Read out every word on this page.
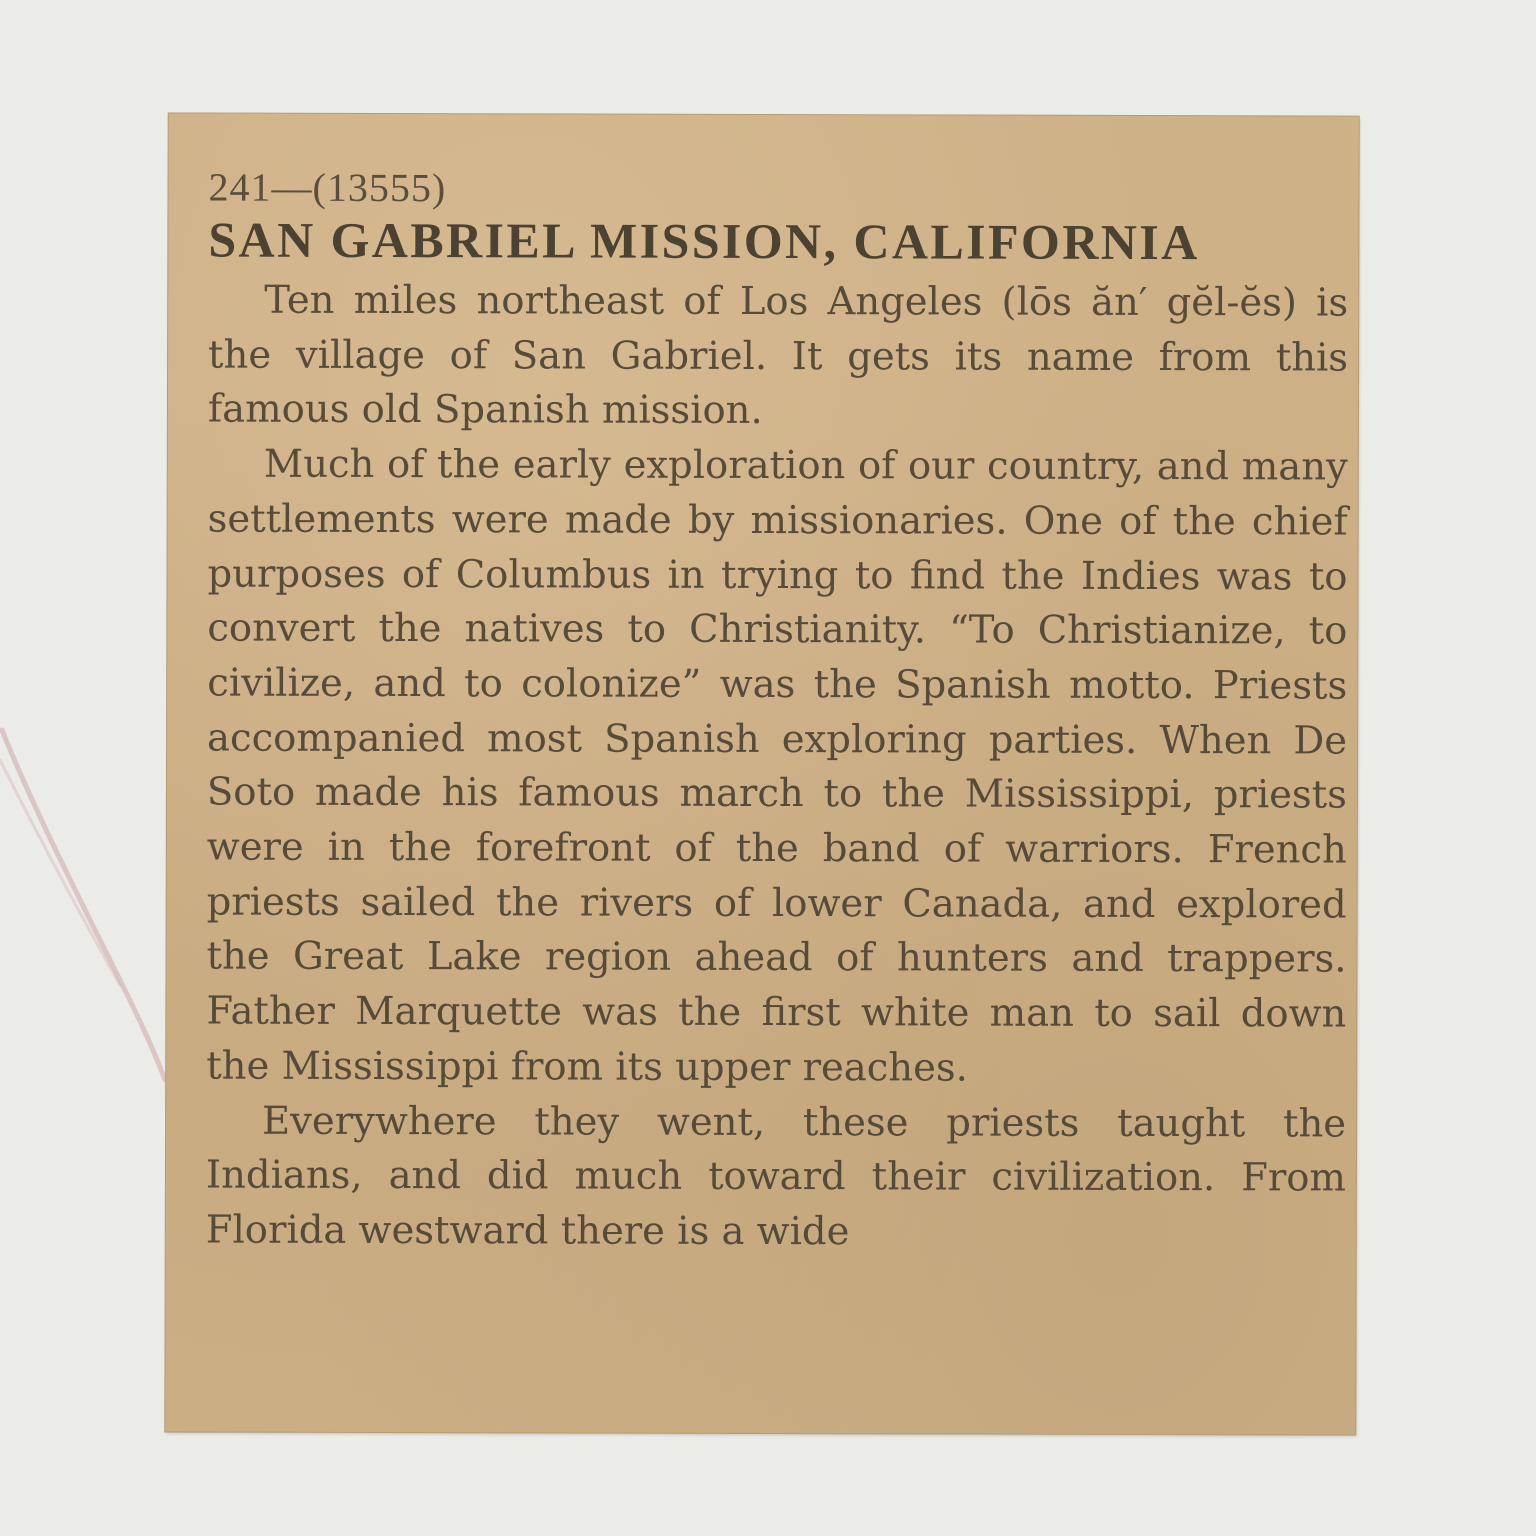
241—(13555)
SAN GABRIEL MISSION, CALIFORNIA

Ten miles northeast of Los Angeles (lōs ăn′ gĕl-ĕs) is the village of San Gabriel. It gets its name from this famous old Spanish mission.

Much of the early exploration of our country, and many settlements were made by missionaries. One of the chief purposes of Columbus in trying to find the Indies was to convert the natives to Christianity. “To Christianize, to civilize, and to colonize” was the Spanish motto. Priests accompanied most Spanish exploring parties. When De Soto made his famous march to the Mississippi, priests were in the forefront of the band of warriors. French priests sailed the rivers of lower Canada, and explored the Great Lake region ahead of hunters and trappers. Father Marquette was the first white man to sail down the Mississippi from its upper reaches.

Everywhere they went, these priests taught the Indians, and did much toward their civilization. From Florida westward there is a wide
